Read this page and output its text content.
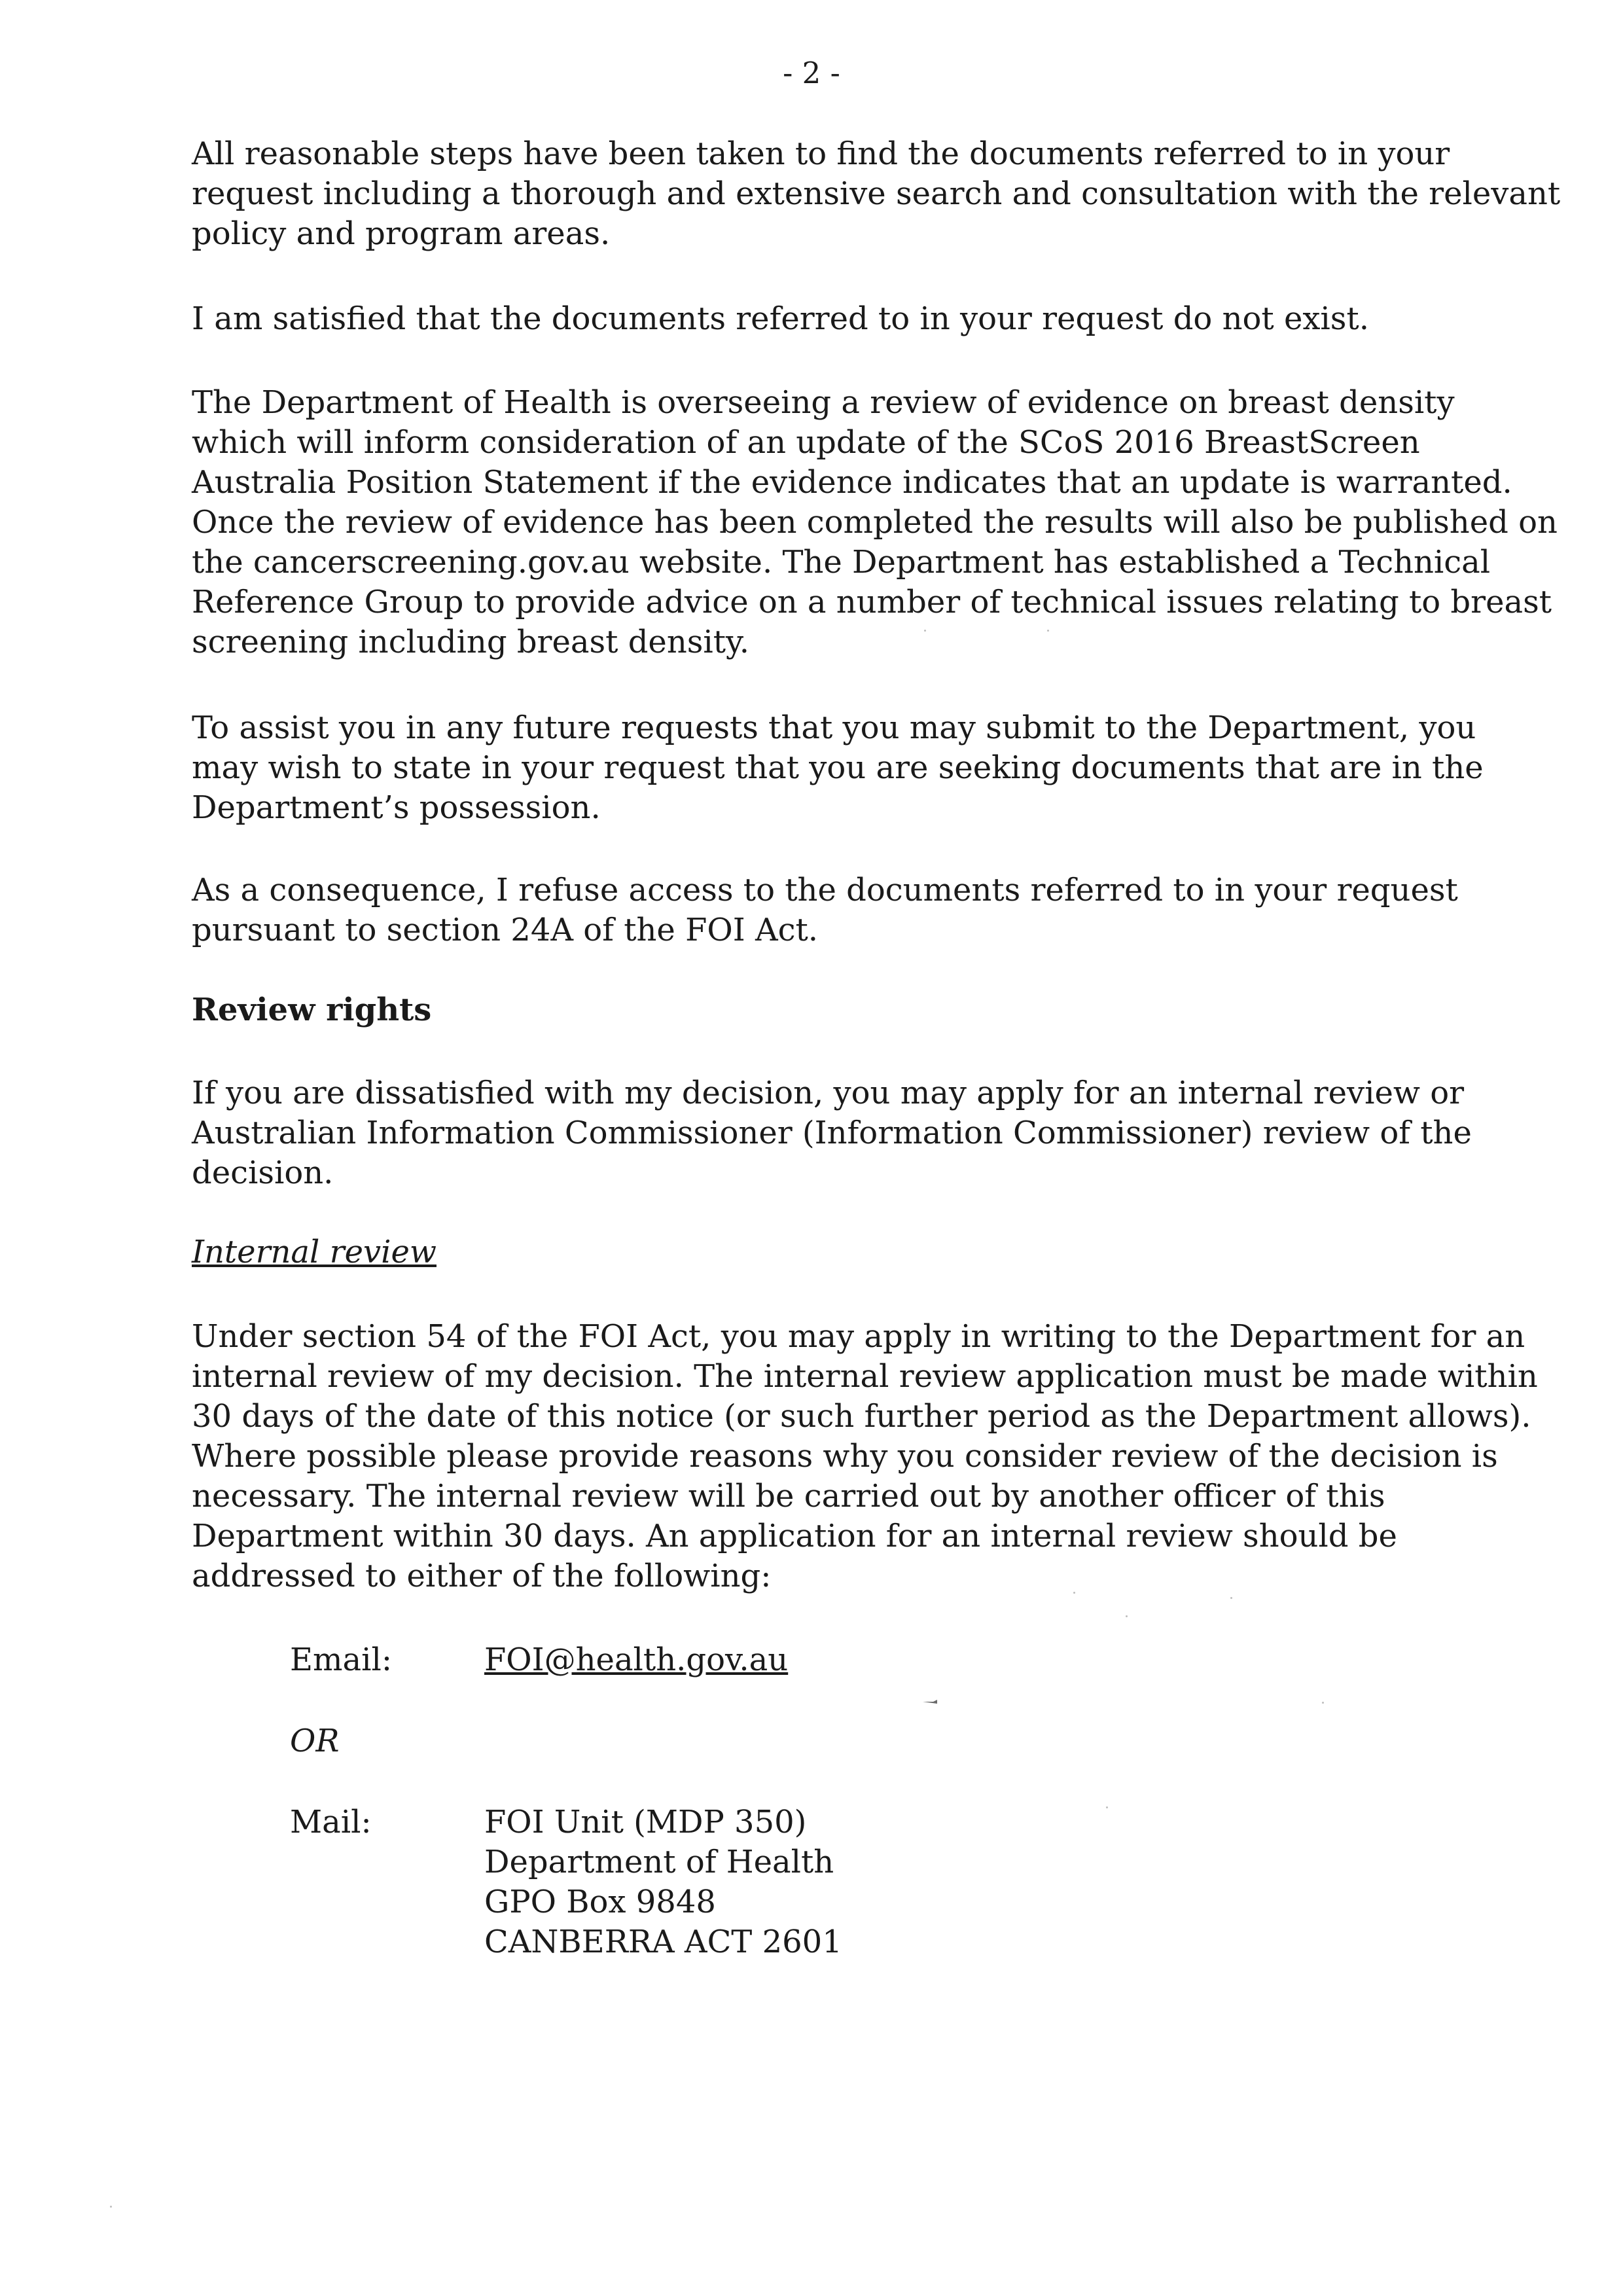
- 2 -
All reasonable steps have been taken to find the documents referred to in your
request including a thorough and extensive search and consultation with the relevant
policy and program areas.
I am satisfied that the documents referred to in your request do not exist.
The Department of Health is overseeing a review of evidence on breast density
which will inform consideration of an update of the SCoS 2016 BreastScreen
Australia Position Statement if the evidence indicates that an update is warranted.
Once the review of evidence has been completed the results will also be published on
the cancerscreening.gov.au website. The Department has established a Technical
Reference Group to provide advice on a number of technical issues relating to breast
screening including breast density.
To assist you in any future requests that you may submit to the Department, you
may wish to state in your request that you are seeking documents that are in the
Department’s possession.
As a consequence, I refuse access to the documents referred to in your request
pursuant to section 24A of the FOI Act.
Review rights
If you are dissatisfied with my decision, you may apply for an internal review or
Australian Information Commissioner (Information Commissioner) review of the
decision.
Internal review
Under section 54 of the FOI Act, you may apply in writing to the Department for an
internal review of my decision. The internal review application must be made within
30 days of the date of this notice (or such further period as the Department allows).
Where possible please provide reasons why you consider review of the decision is
necessary. The internal review will be carried out by another officer of this
Department within 30 days. An application for an internal review should be
addressed to either of the following:
Email:	FOI@health.gov.au
OR
Mail:	FOI Unit (MDP 350)
Department of Health
GPO Box 9848
CANBERRA ACT 2601
